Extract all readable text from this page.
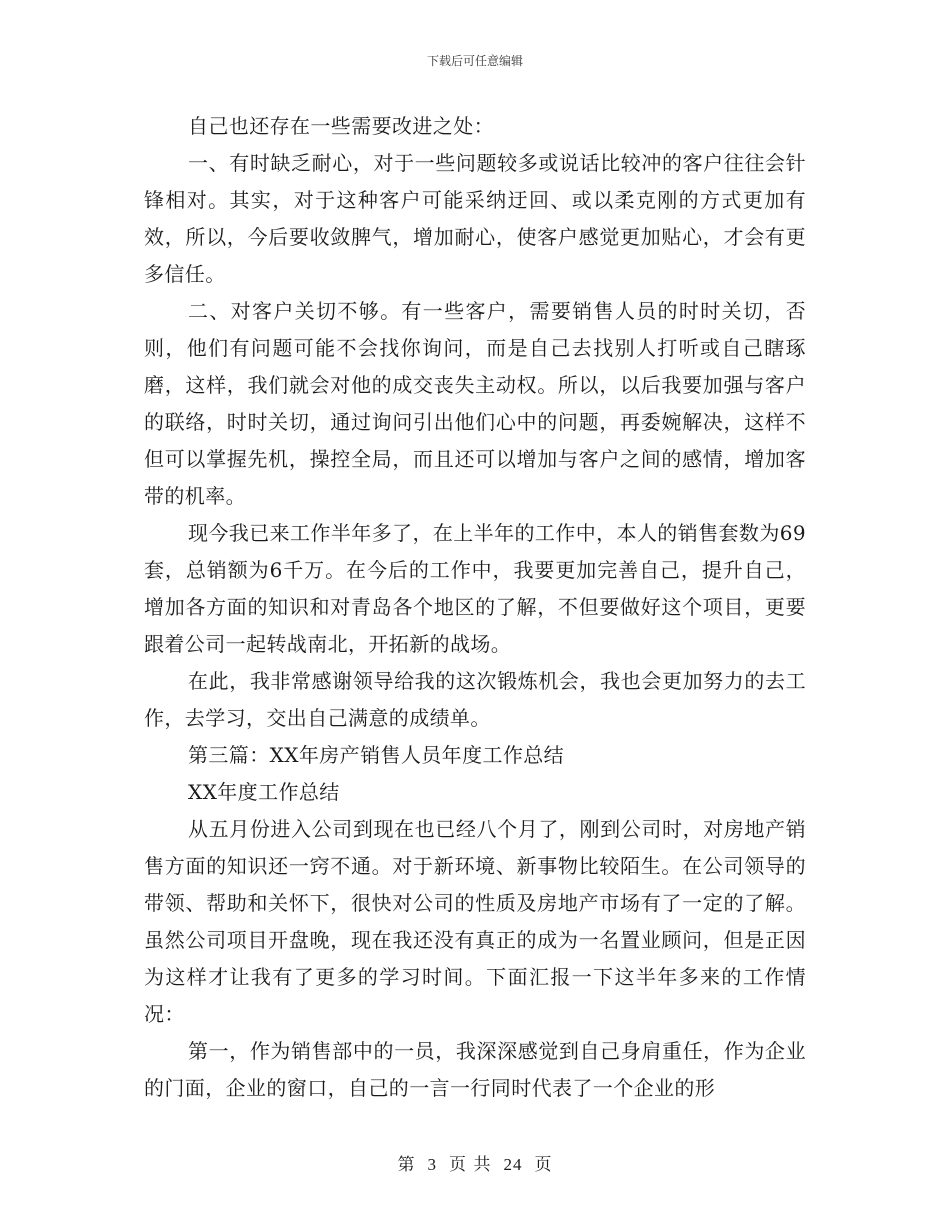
下载后可任意编辑

自己也还存在一些需要改进之处：

一、有时缺乏耐心，对于一些问题较多或说话比较冲的客户往往会针锋相对。其实，对于这种客户可能采纳迂回、或以柔克刚的方式更加有效，所以，今后要收敛脾气，增加耐心，使客户感觉更加贴心，才会有更多信任。

二、对客户关切不够。有一些客户，需要销售人员的时时关切，否则，他们有问题可能不会找你询问，而是自己去找别人打听或自己瞎琢磨，这样，我们就会对他的成交丧失主动权。所以，以后我要加强与客户的联络，时时关切，通过询问引出他们心中的问题，再委婉解决，这样不但可以掌握先机，操控全局，而且还可以增加与客户之间的感情，增加客带的机率。

现今我已来工作半年多了，在上半年的工作中，本人的销售套数为69套，总销额为6千万。在今后的工作中，我要更加完善自己，提升自己，增加各方面的知识和对青岛各个地区的了解，不但要做好这个项目，更要跟着公司一起转战南北，开拓新的战场。

在此，我非常感谢领导给我的这次锻炼机会，我也会更加努力的去工作，去学习，交出自己满意的成绩单。

第三篇：XX年房产销售人员年度工作总结

XX年度工作总结

从五月份进入公司到现在也已经八个月了，刚到公司时，对房地产销售方面的知识还一窍不通。对于新环境、新事物比较陌生。在公司领导的带领、帮助和关怀下，很快对公司的性质及房地产市场有了一定的了解。虽然公司项目开盘晚，现在我还没有真正的成为一名置业顾问，但是正因为这样才让我有了更多的学习时间。下面汇报一下这半年多来的工作情况：

第一，作为销售部中的一员，我深深感觉到自己身肩重任，作为企业的门面，企业的窗口，自己的一言一行同时代表了一个企业的形

第 3 页 共 24 页
